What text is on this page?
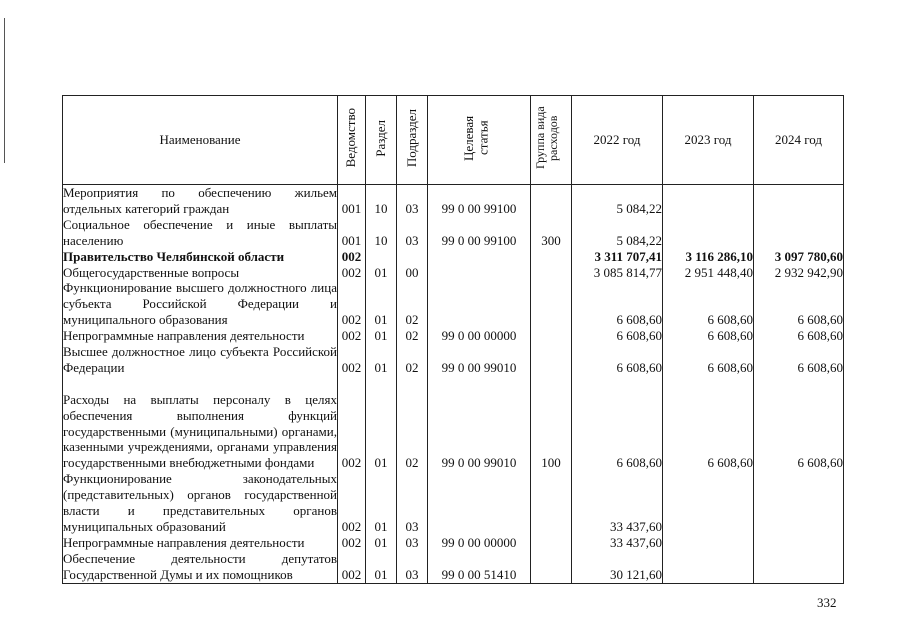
Наименование	Ведомство	Раздел	Подраздел	Целевая статья	Группа вида расходов	2022 год	2023 год	2024 год
Мероприятия по обеспечению жильем отдельных категорий граждан	001	10	03	99 0 00 99100		5 084,22		
Социальное обеспечение и иные выплаты населению	001	10	03	99 0 00 99100	300	5 084,22		
Правительство Челябинской области	002					3 311 707,41	3 116 286,10	3 097 780,60
Общегосударственные вопросы	002	01	00			3 085 814,77	2 951 448,40	2 932 942,90
Функционирование высшего должностного лица субъекта Российской Федерации и муниципального образования	002	01	02			6 608,60	6 608,60	6 608,60
Непрограммные направления деятельности	002	01	02	99 0 00 00000		6 608,60	6 608,60	6 608,60
Высшее должностное лицо субъекта Российской Федерации	002	01	02	99 0 00 99010		6 608,60	6 608,60	6 608,60
Расходы на выплаты персоналу в целях обеспечения выполнения функций государственными (муниципальными) органами, казенными учреждениями, органами управления государственными внебюджетными фондами	002	01	02	99 0 00 99010	100	6 608,60	6 608,60	6 608,60
Функционирование законодательных (представительных) органов государственной власти и представительных органов муниципальных образований	002	01	03			33 437,60		
Непрограммные направления деятельности	002	01	03	99 0 00 00000		33 437,60		
Обеспечение деятельности депутатов Государственной Думы и их помощников	002	01	03	99 0 00 51410		30 121,60		
332
